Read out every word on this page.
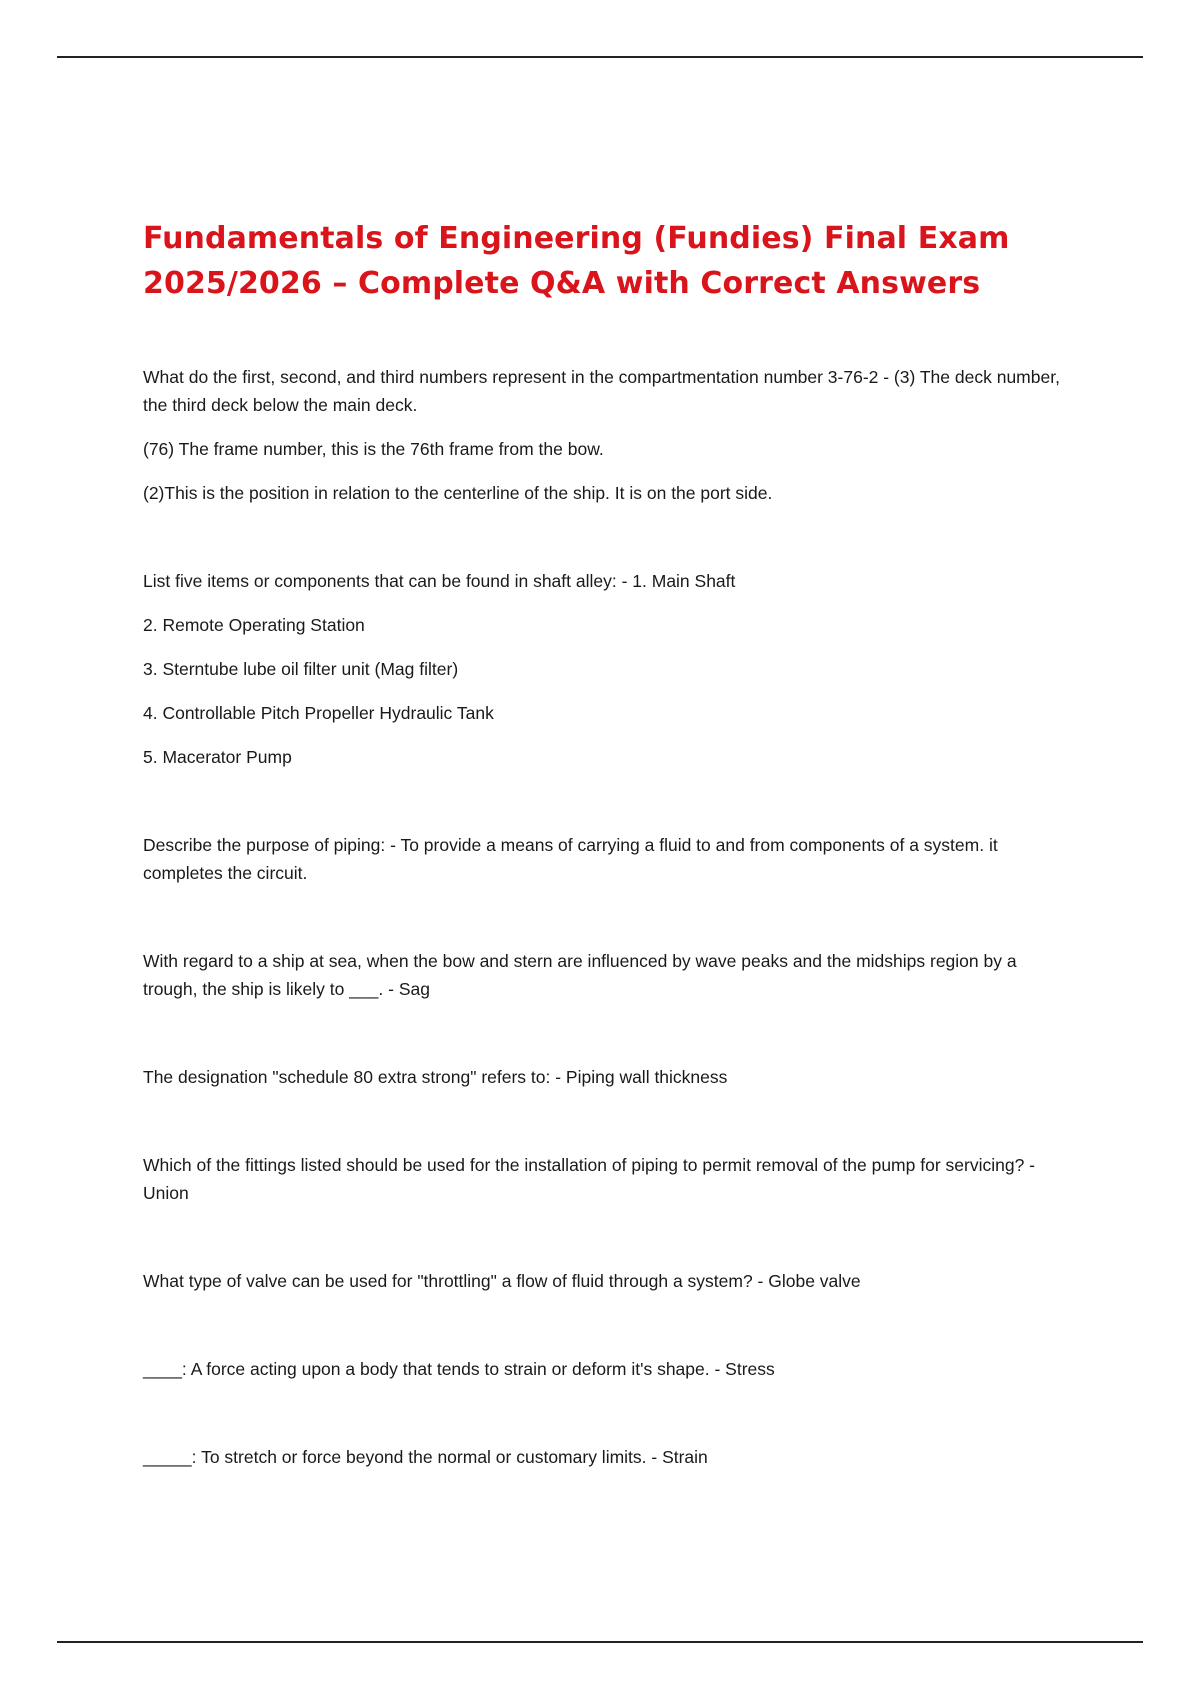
Fundamentals of Engineering (Fundies) Final Exam 2025/2026 – Complete Q&A with Correct Answers

What do the first, second, and third numbers represent in the compartmentation number 3-76-2 - (3) The deck number, the third deck below the main deck.

(76) The frame number, this is the 76th frame from the bow.

(2)This is the position in relation to the centerline of the ship. It is on the port side.

List five items or components that can be found in shaft alley: - 1. Main Shaft

2. Remote Operating Station

3. Sterntube lube oil filter unit (Mag filter)

4. Controllable Pitch Propeller Hydraulic Tank

5. Macerator Pump

Describe the purpose of piping: - To provide a means of carrying a fluid to and from components of a system. it completes the circuit.

With regard to a ship at sea, when the bow and stern are influenced by wave peaks and the midships region by a trough, the ship is likely to ___. - Sag

The designation "schedule 80 extra strong" refers to: - Piping wall thickness

Which of the fittings listed should be used for the installation of piping to permit removal of the pump for servicing? - Union

What type of valve can be used for "throttling" a flow of fluid through a system? - Globe valve

____: A force acting upon a body that tends to strain or deform it's shape. - Stress

_____: To stretch or force beyond the normal or customary limits. - Strain
